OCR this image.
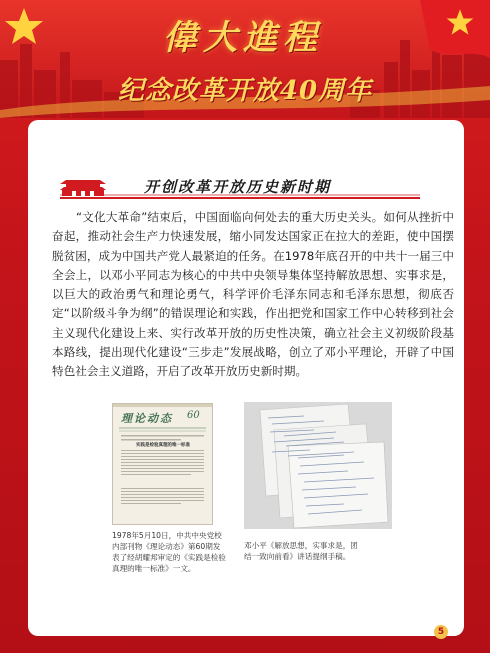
偉大進程
纪念改革开放40周年
开创改革开放历史新时期

“文化大革命”结束后，中国面临向何处去的重大历史关头。如何从挫折中奋起，推动社会生产力快速发展，缩小同发达国家正在拉大的差距，使中国摆脱贫困，成为中国共产党人最紧迫的任务。在1978年底召开的中共十一届三中全会上，以邓小平同志为核心的中共中央领导集体坚持解放思想、实事求是，以巨大的政治勇气和理论勇气，科学评价毛泽东同志和毛泽东思想，彻底否定“以阶级斗争为纲”的错误理论和实践，作出把党和国家工作中心转移到社会主义现代化建设上来、实行改革开放的历史性决策，确立社会主义初级阶段基本路线，提出现代化建设“三步走”发展战略，创立了邓小平理论，开辟了中国特色社会主义道路，开启了改革开放历史新时期。

理论动态 60
实践是检验真理的唯一标准

1978年5月10日，中共中央党校内部刊物《理论动态》第60期发表了经胡耀邦审定的《实践是检验真理的唯一标准》一文。

邓小平《解放思想，实事求是，团结一致向前看》讲话提纲手稿。

5
